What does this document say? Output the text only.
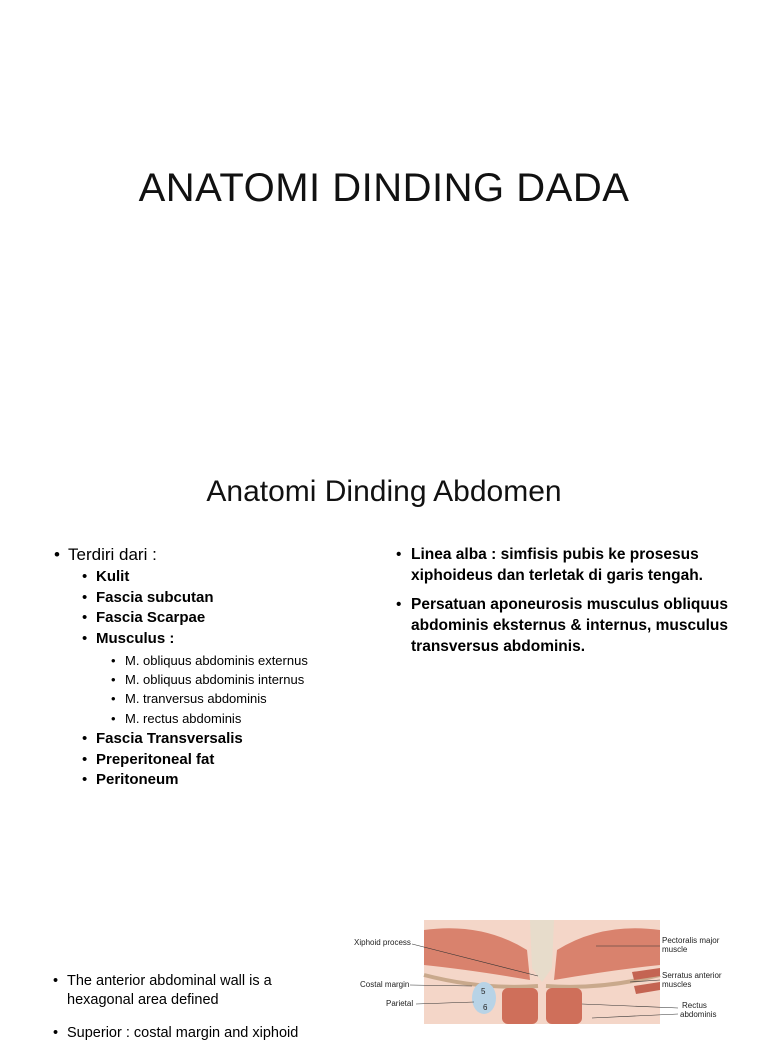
ANATOMI DINDING DADA
Anatomi Dinding Abdomen
• Terdiri dari :
• Kulit
• Fascia subcutan
• Fascia Scarpae
• Musculus :
• M. obliquus abdominis externus
• M. obliquus abdominis internus
• M. tranversus abdominis
• M. rectus abdominis
• Fascia Transversalis
• Preperitoneal fat
• Peritoneum
• Linea alba : simfisis pubis ke prosesus xiphoideus dan terletak di garis tengah.
• Persatuan aponeurosis musculus obliquus abdominis eksternus & internus, musculus transversus abdominis.
• The anterior abdominal wall is a hexagonal area defined
• Superior : costal margin and xiphoid
5
6
Xiphoid process
Costal margin
Parietal
Pectoralis major
muscle
Serratus anterior
muscles
Rectus
abdominis
